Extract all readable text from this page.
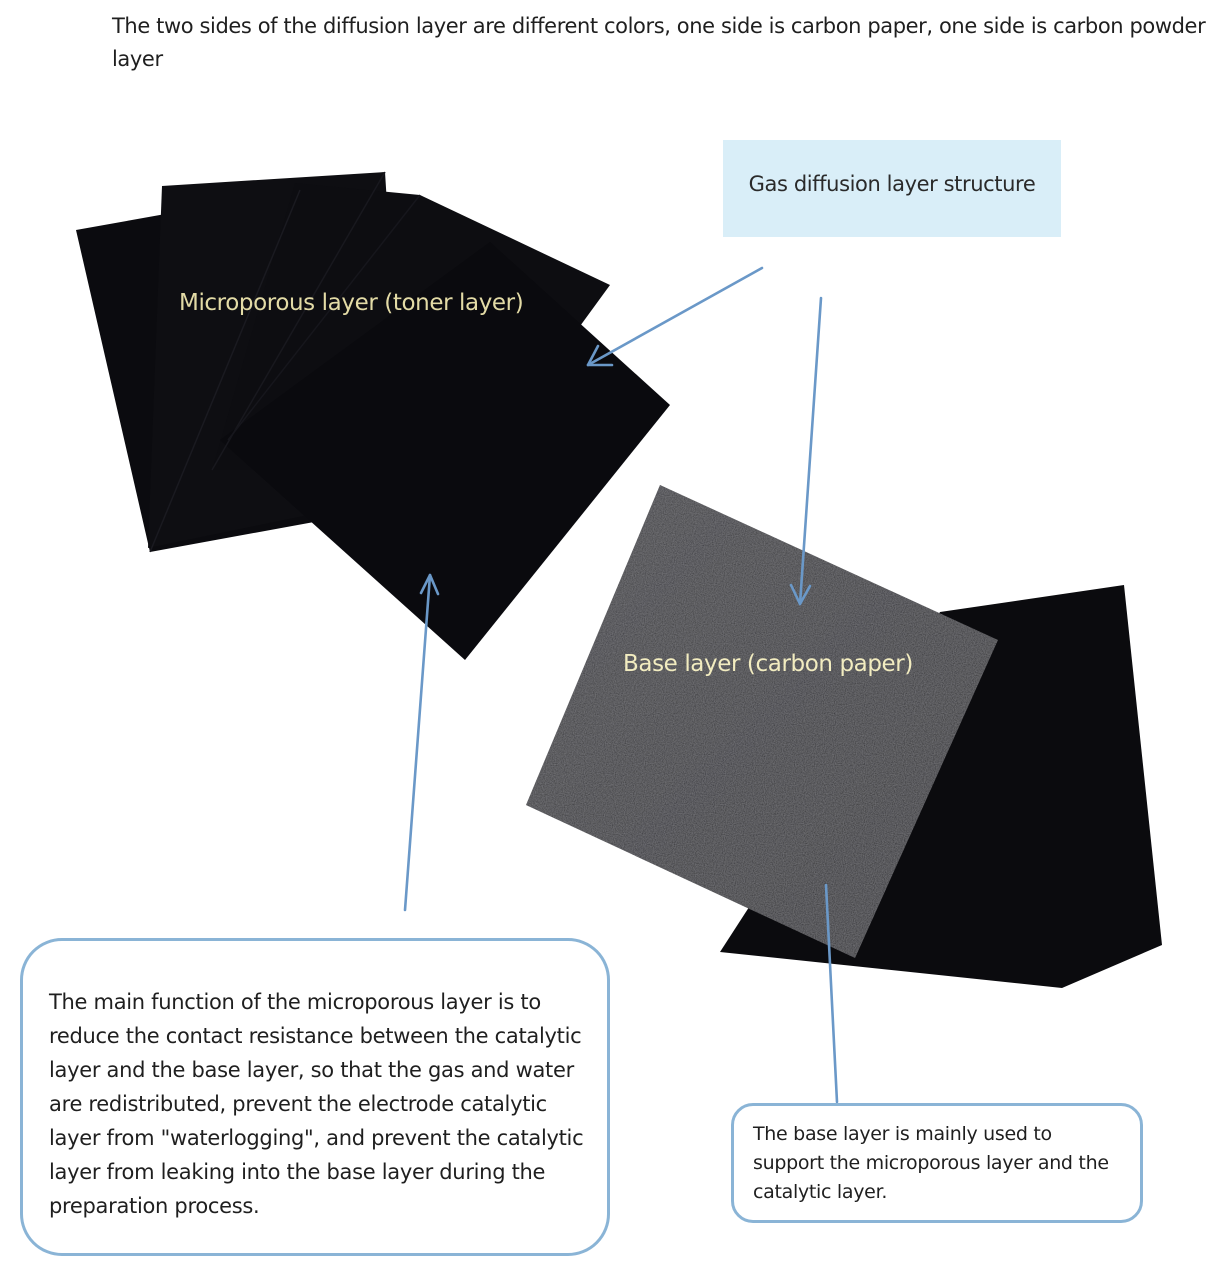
The two sides of the diffusion layer are different colors, one side is carbon paper, one side is carbon powder layer
Gas diffusion layer structure
Microporous layer (toner layer)
Base layer (carbon paper)

The main function of the microporous layer is to reduce the contact resistance between the catalytic layer and the base layer, so that the gas and water are redistributed, prevent the electrode catalytic layer from "waterlogging", and prevent the catalytic layer from leaking into the base layer during the preparation process.

The base layer is mainly used to support the microporous layer and the catalytic layer.
